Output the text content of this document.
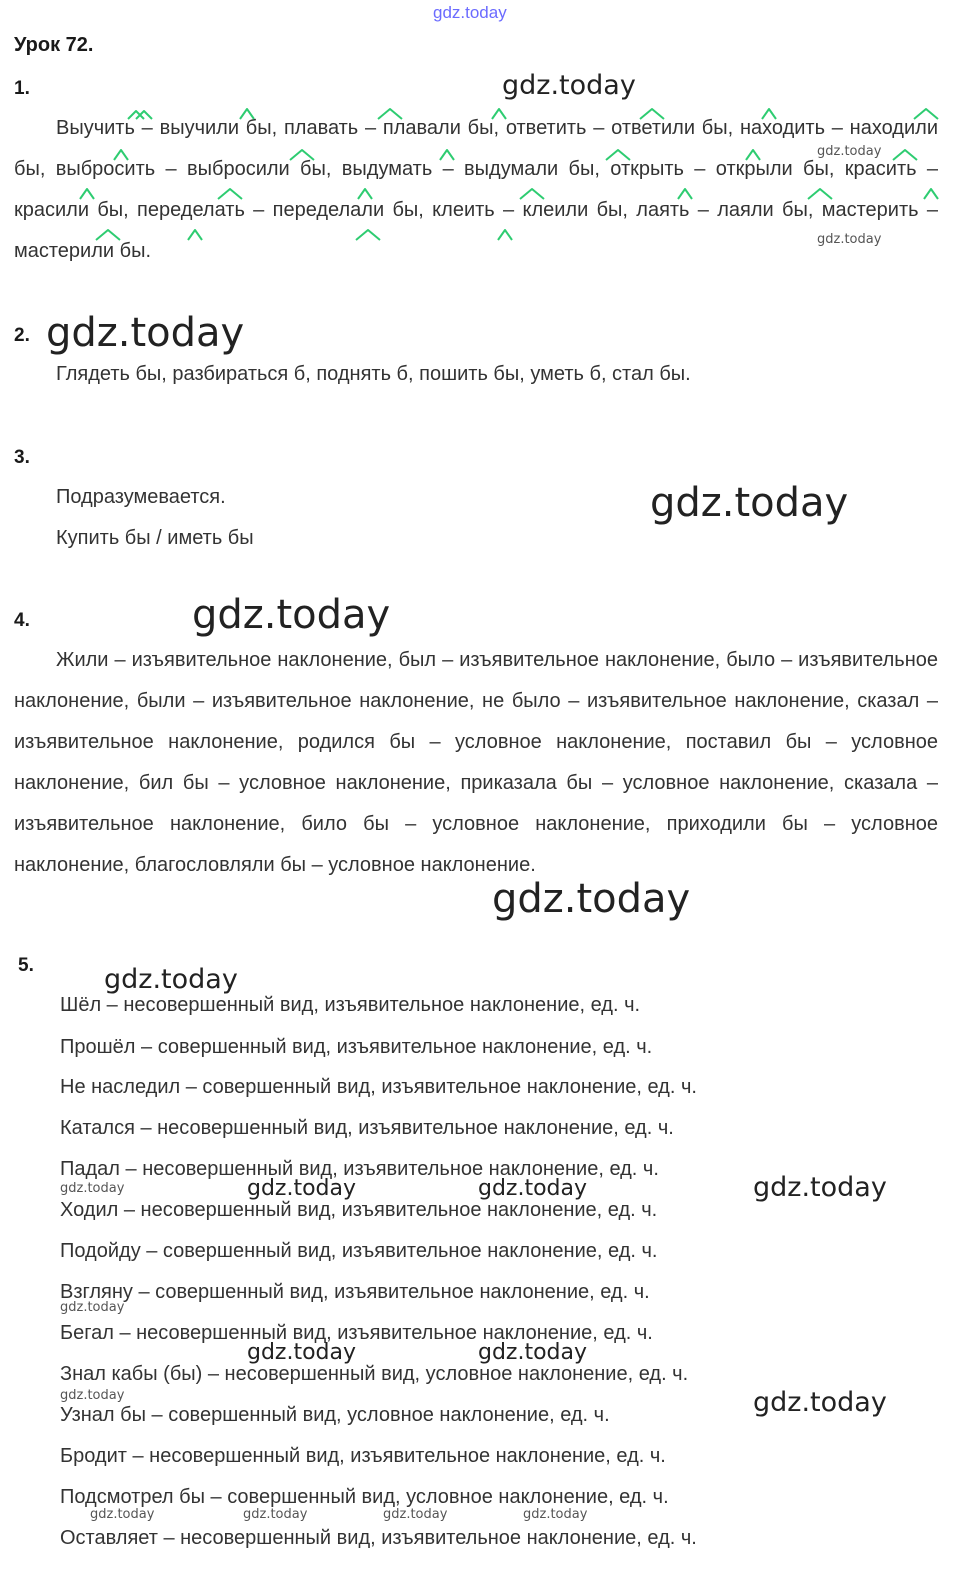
gdz.today
Урок 72.
1.
Выучить – выучили бы, плавать – плавали бы, ответить – ответили бы, находить – находили бы, выбросить – выбросили бы, выдумать – выдумали бы, открыть – открыли бы, красить – красили бы, переделать – переделали бы, клеить – клеили бы, лаять – лаяли бы, мастерить – мастерили бы.
2.
Глядеть бы, разбираться б, поднять б, пошить бы, уметь б, стал бы.
3.
Подразумевается.
Купить бы / иметь бы
4.
Жили – изъявительное наклонение, был – изъявительное наклонение, было – изъявительное наклонение, были – изъявительное наклонение, не было – изъявительное наклонение, сказал – изъявительное наклонение, родился бы – условное наклонение, поставил бы – условное наклонение, бил бы – условное наклонение, приказала бы – условное наклонение, сказала – изъявительное наклонение, било бы – условное наклонение, приходили бы – условное наклонение, благословляли бы – условное наклонение.
5.
Шёл – несовершенный вид, изъявительное наклонение, ед. ч.
Прошёл – совершенный вид, изъявительное наклонение, ед. ч.
Не наследил – совершенный вид, изъявительное наклонение, ед. ч.
Катался – несовершенный вид, изъявительное наклонение, ед. ч.
Падал – несовершенный вид, изъявительное наклонение, ед. ч.
Ходил – несовершенный вид, изъявительное наклонение, ед. ч.
Подойду – совершенный вид, изъявительное наклонение, ед. ч.
Взгляну – совершенный вид, изъявительное наклонение, ед. ч.
Бегал – несовершенный вид, изъявительное наклонение, ед. ч.
Знал кабы (бы) – несовершенный вид, условное наклонение, ед. ч.
Узнал бы – совершенный вид, условное наклонение, ед. ч.
Бродит – несовершенный вид, изъявительное наклонение, ед. ч.
Подсмотрел бы – совершенный вид, условное наклонение, ед. ч.
Оставляет – несовершенный вид, изъявительное наклонение, ед. ч.
gdz.today
gdz.today
gdz.today
gdz.today
gdz.today
gdz.today
gdz.today
gdz.today
gdz.today	gdz.today	gdz.today	gdz.today
gdz.today
gdz.today	gdz.today
gdz.today	gdz.today
gdz.today	gdz.today	gdz.today	gdz.today
